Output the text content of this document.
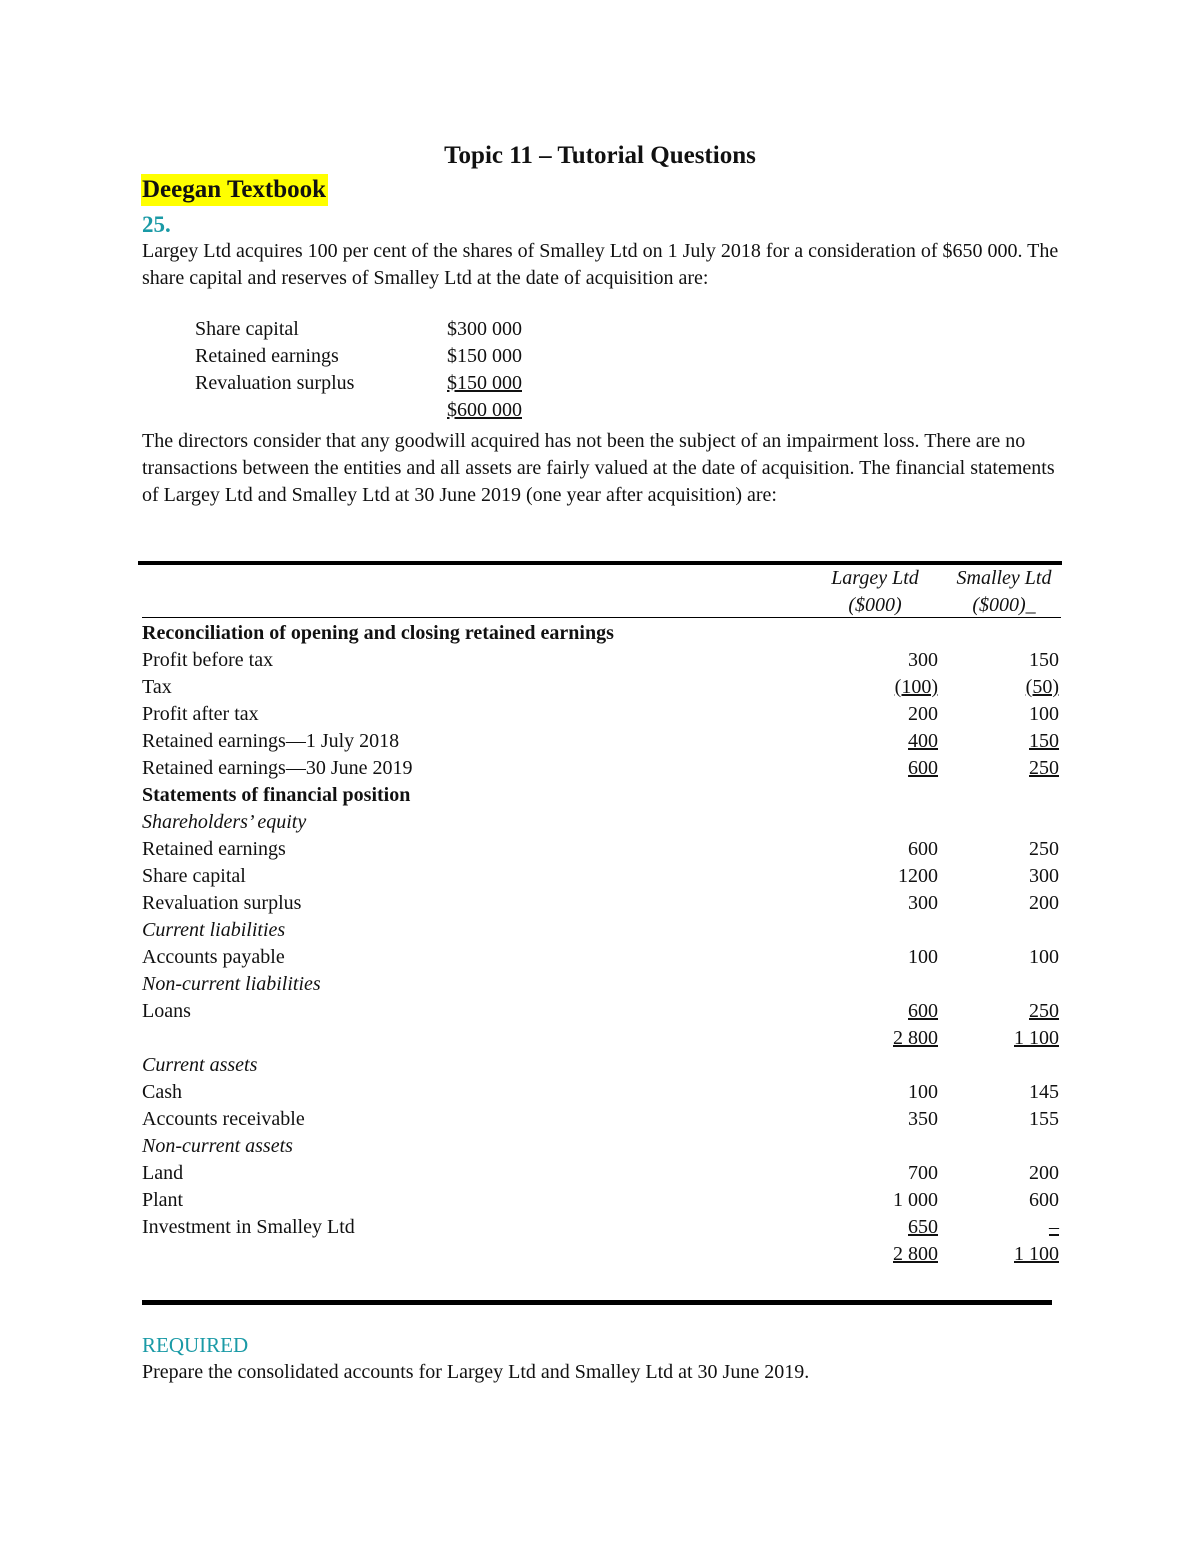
Topic 11 – Tutorial Questions
Deegan Textbook
25.
Largey Ltd acquires 100 per cent of the shares of Smalley Ltd on 1 July 2018 for a consideration of $650 000. The share capital and reserves of Smalley Ltd at the date of acquisition are:
Share capital	$300 000
Retained earnings	$150 000
Revaluation surplus	$150 000
$600 000
The directors consider that any goodwill acquired has not been the subject of an impairment loss. There are no transactions between the entities and all assets are fairly valued at the date of acquisition. The financial statements of Largey Ltd and Smalley Ltd at 30 June 2019 (one year after acquisition) are:
Largey Ltd
($000)
Smalley Ltd
($000)_
Reconciliation of opening and closing retained earnings
Profit before tax	300	150
Tax	(100)	(50)
Profit after tax	200	100
Retained earnings—1 July 2018	400	150
Retained earnings—30 June 2019	600	250
Statements of financial position
Shareholders’ equity
Retained earnings	600	250
Share capital	1200	300
Revaluation surplus	300	200
Current liabilities
Accounts payable	100	100
Non-current liabilities
Loans	600	250
2 800	1 100
Current assets
Cash	100	145
Accounts receivable	350	155
Non-current assets
Land	700	200
Plant	1 000	600
Investment in Smalley Ltd	650	–
2 800	1 100
REQUIRED
Prepare the consolidated accounts for Largey Ltd and Smalley Ltd at 30 June 2019.
